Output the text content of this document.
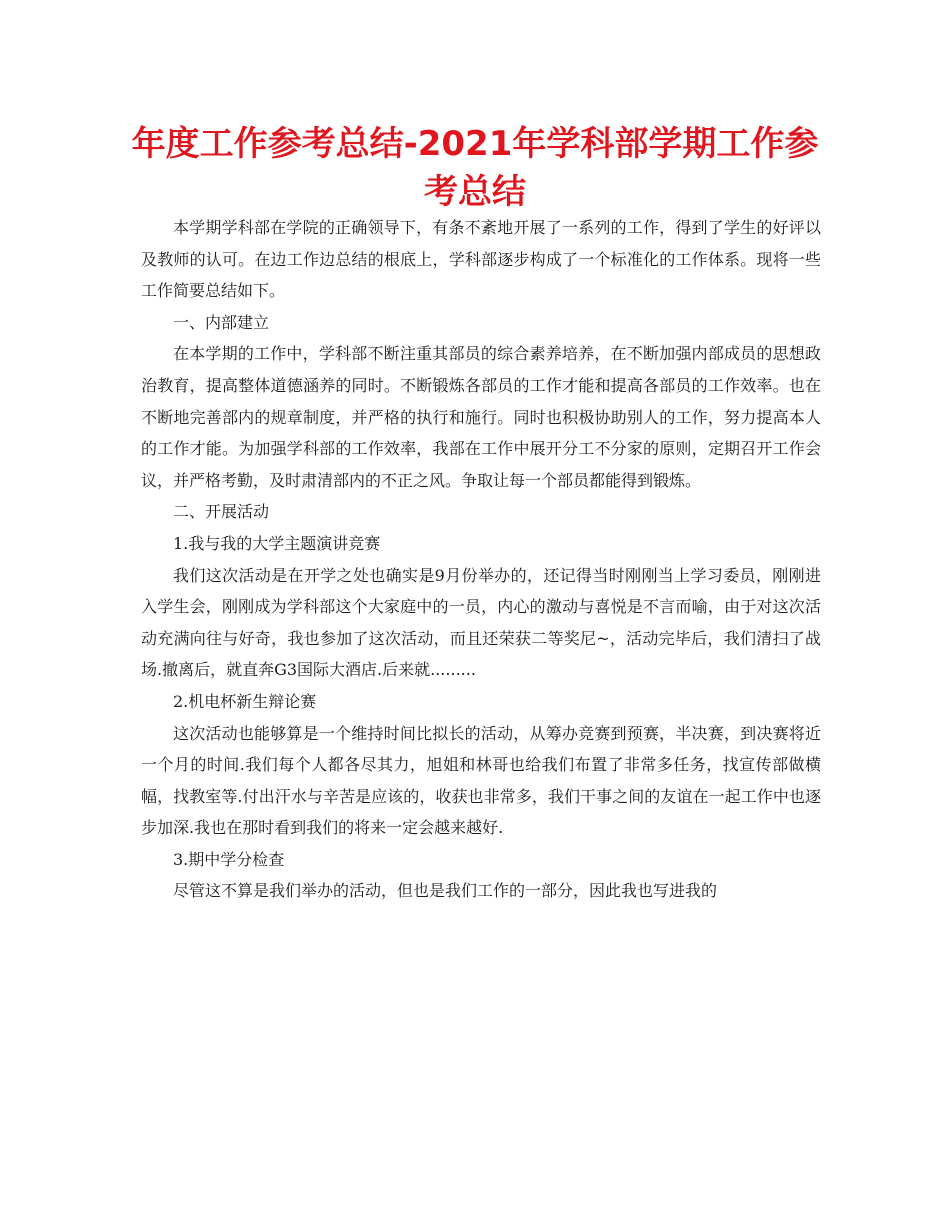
年度工作参考总结-2021年学科部学期工作参考总结

本学期学科部在学院的正确领导下，有条不紊地开展了一系列的工作，得到了学生的好评以及教师的认可。在边工作边总结的根底上，学科部逐步构成了一个标准化的工作体系。现将一些工作简要总结如下。

一、内部建立

在本学期的工作中，学科部不断注重其部员的综合素养培养，在不断加强内部成员的思想政治教育，提高整体道德涵养的同时。不断锻炼各部员的工作才能和提高各部员的工作效率。也在不断地完善部内的规章制度，并严格的执行和施行。同时也积极协助别人的工作，努力提高本人的工作才能。为加强学科部的工作效率，我部在工作中展开分工不分家的原则，定期召开工作会议，并严格考勤，及时肃清部内的不正之风。争取让每一个部员都能得到锻炼。

二、开展活动

1.我与我的大学主题演讲竞赛

我们这次活动是在开学之处也确实是9月份举办的，还记得当时刚刚当上学习委员，刚刚进入学生会，刚刚成为学科部这个大家庭中的一员，内心的激动与喜悦是不言而喻，由于对这次活动充满向往与好奇，我也参加了这次活动，而且还荣获二等奖尼~，活动完毕后，我们清扫了战场.撤离后，就直奔G3国际大酒店.后来就.........

2.机电杯新生辩论赛

这次活动也能够算是一个维持时间比拟长的活动，从筹办竞赛到预赛，半决赛，到决赛将近一个月的时间.我们每个人都各尽其力，旭姐和林哥也给我们布置了非常多任务，找宣传部做横幅，找教室等.付出汗水与辛苦是应该的，收获也非常多，我们干事之间的友谊在一起工作中也逐步加深.我也在那时看到我们的将来一定会越来越好.

3.期中学分检查

尽管这不算是我们举办的活动，但也是我们工作的一部分，因此我也写进我的
